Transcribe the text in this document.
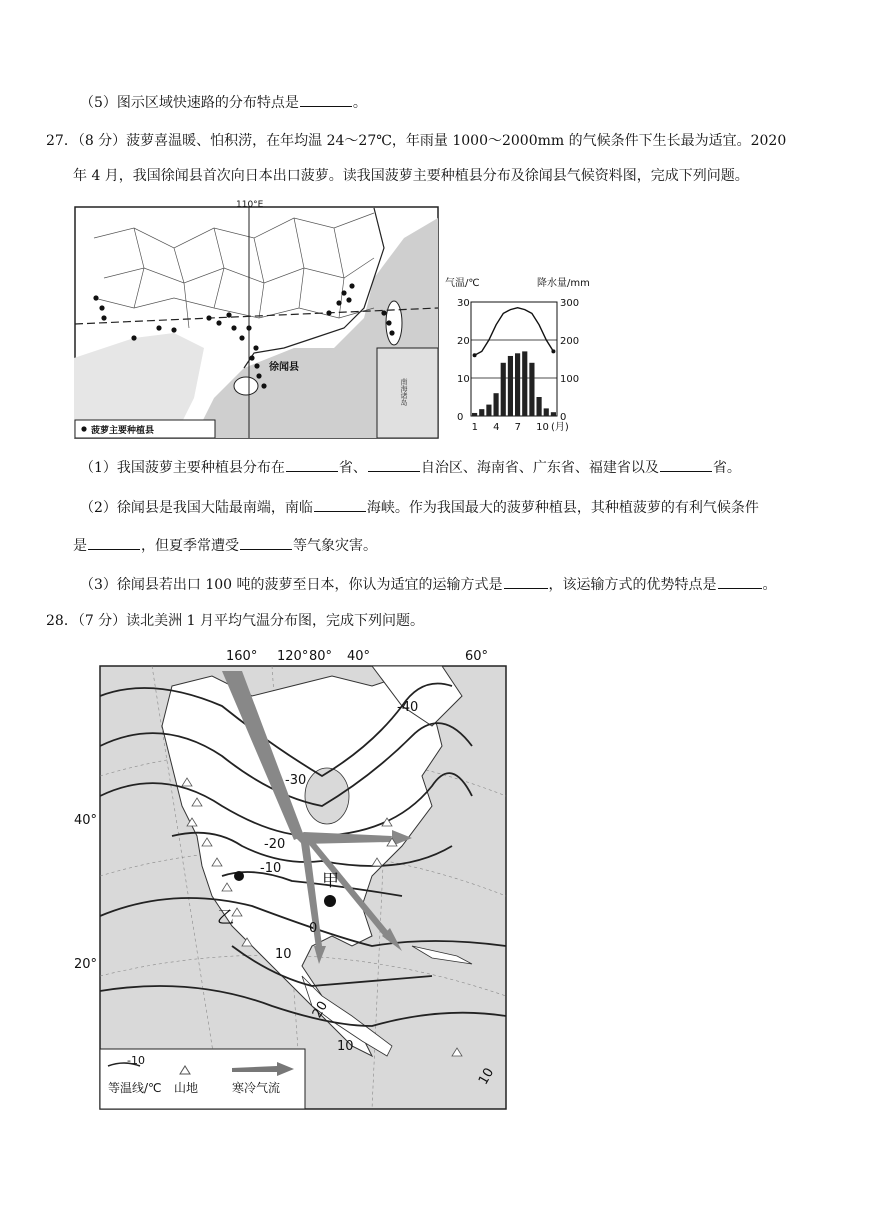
（5）图示区域快速路的分布特点是	。
27．（8 分）菠萝喜温暖、怕积涝，在年均温 24～27℃，年雨量 1000～2000mm 的气候条件下生长最为适宜。2020
年 4 月，我国徐闻县首次向日本出口菠萝。读我国菠萝主要种植县分布及徐闻县气候资料图，完成下列问题。
110°E
徐闻县
南海诸岛
菠萝主要种植县
气温/℃	降水量/mm
30	300
20	200
10	100
0	0
1 4 7 10 (月)
（1）我国菠萝主要种植县分布在	省、	自治区、海南省、广东省、福建省以及	省。
（2）徐闻县是我国大陆最南端，南临	海峡。作为我国最大的菠萝种植县，其种植菠萝的有利气候条件
是	，但夏季常遭受	等气象灾害。
（3）徐闻县若出口 100 吨的菠萝至日本，你认为适宜的运输方式是	，该运输方式的优势特点是	。
28．（7 分）读北美洲 1 月平均气温分布图，完成下列问题。
160° 120° 80° 40°	60°
40°
20°
-40
-30
-20
-10
0
10
20
10
10
甲
乙
-10
等温线/℃ 山地	寒冷气流
